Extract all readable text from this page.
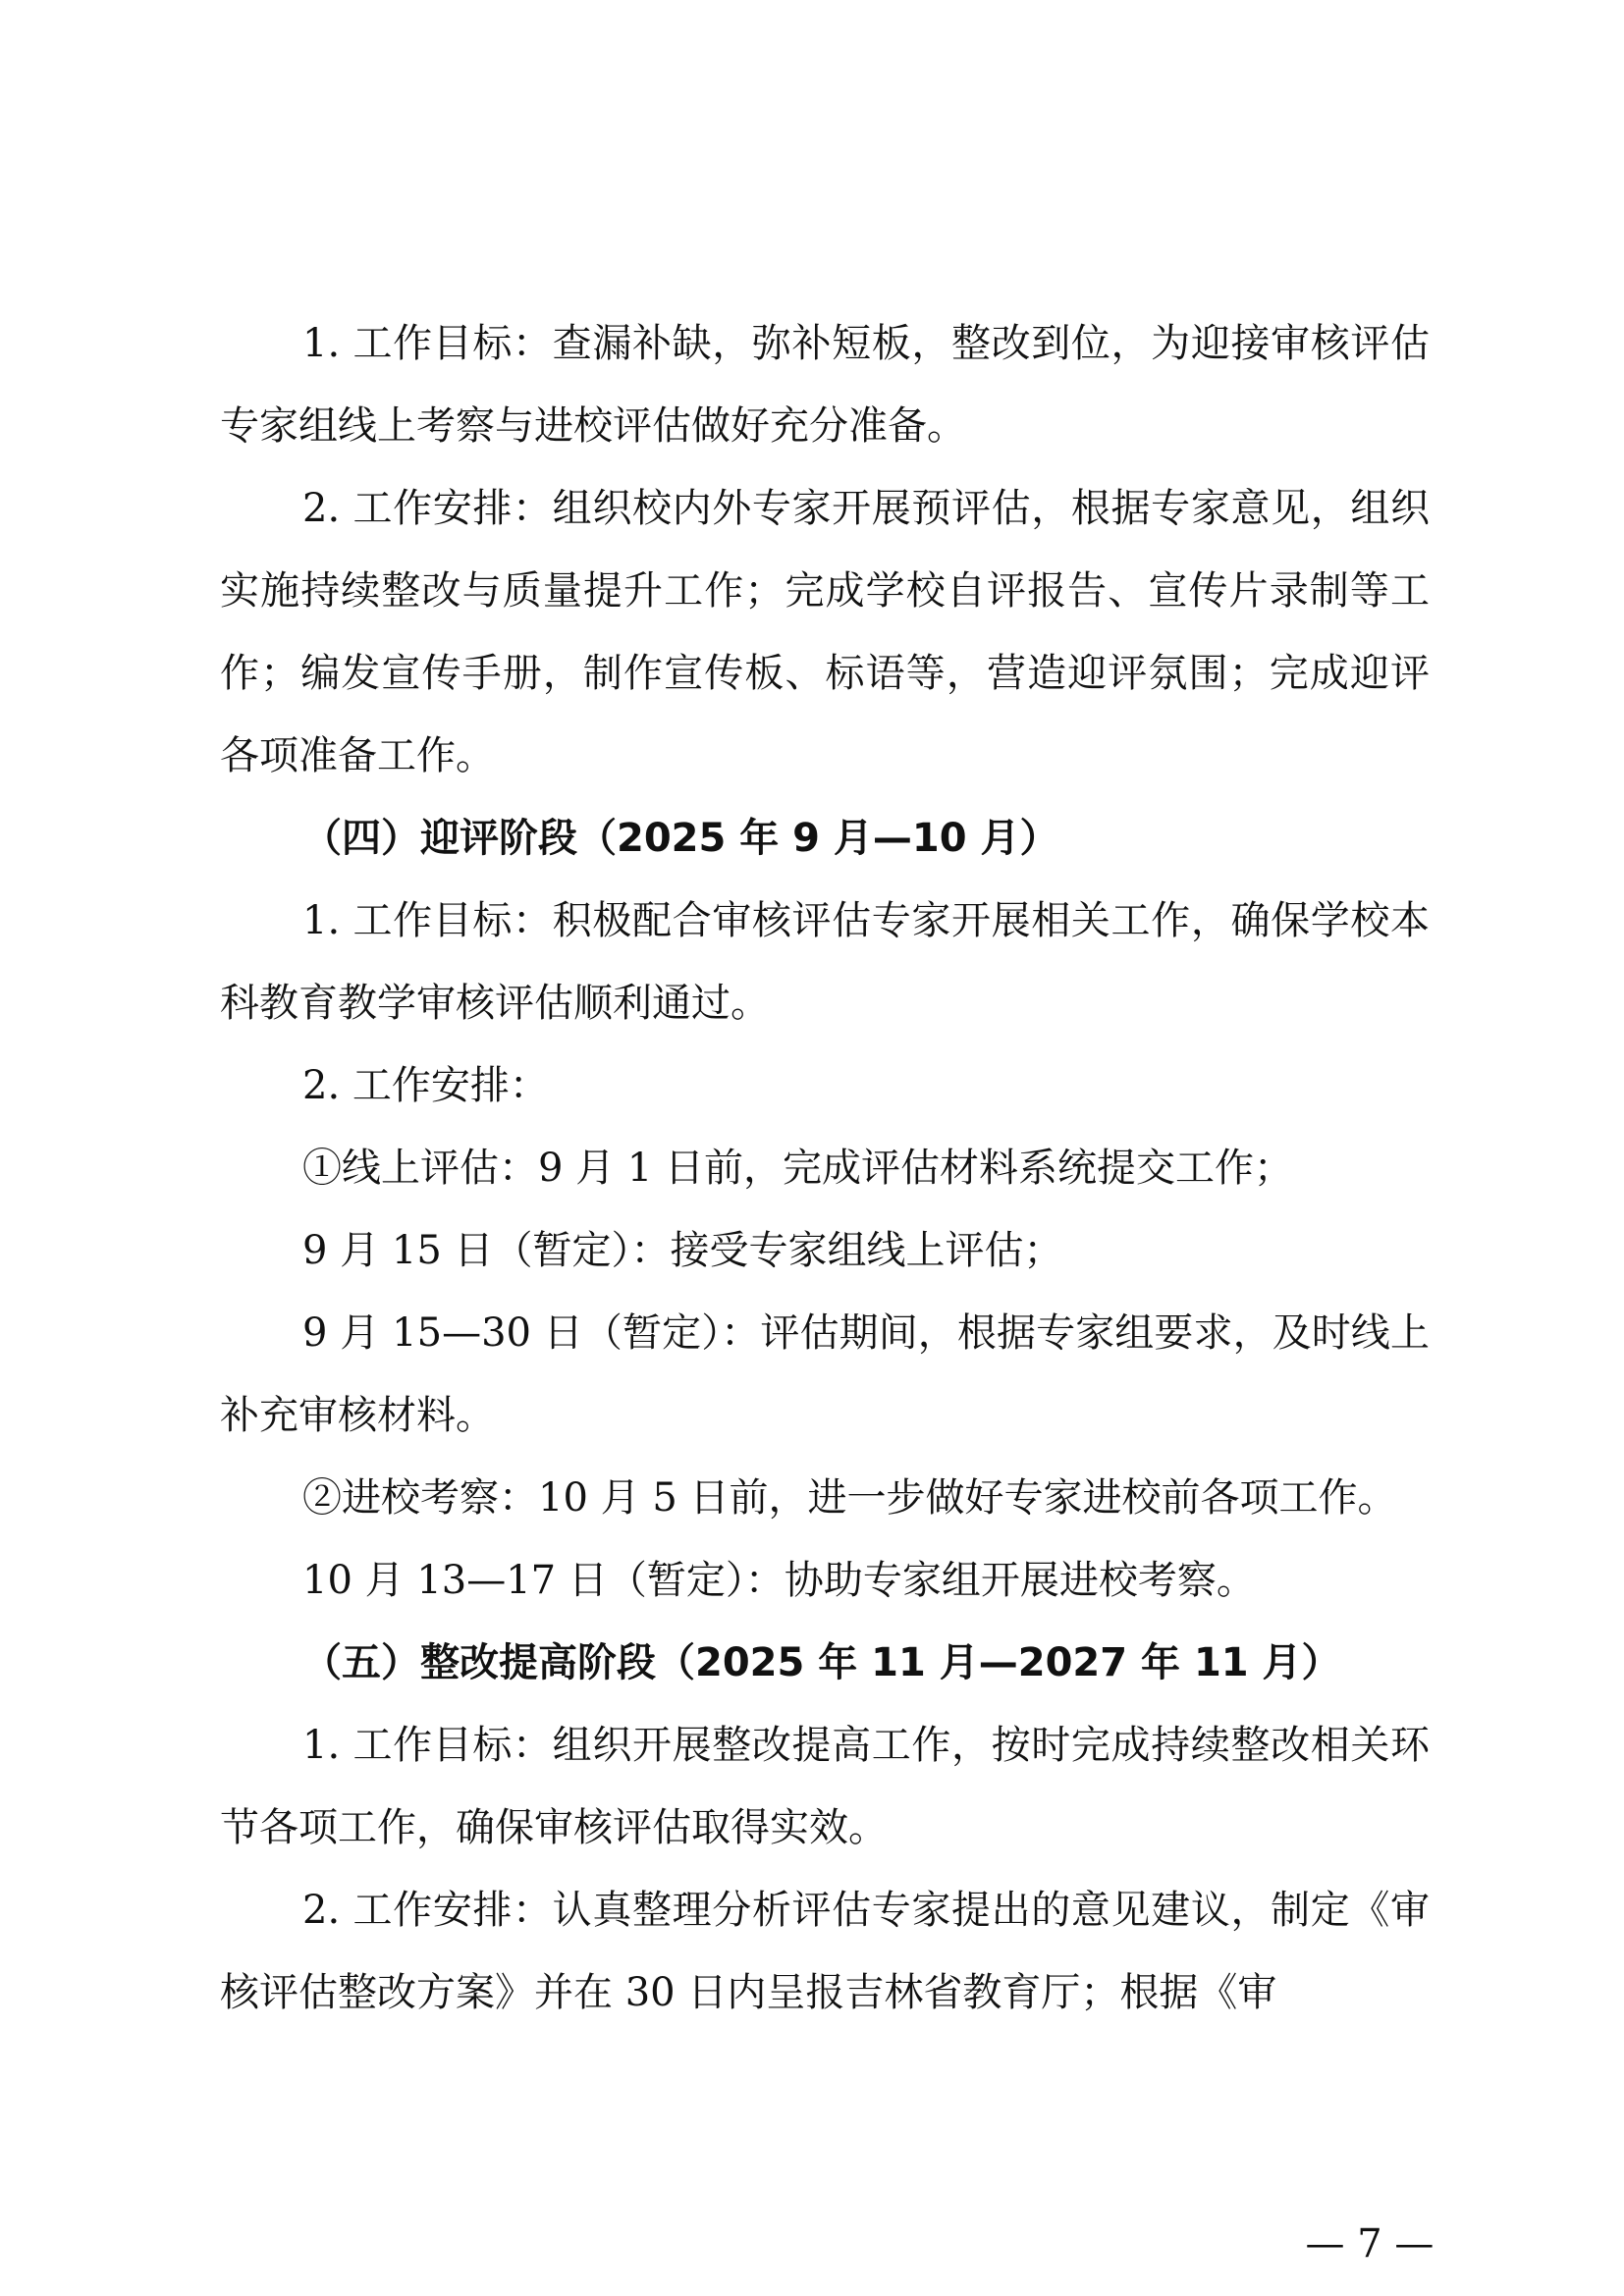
1. 工作目标：查漏补缺，弥补短板，整改到位，为迎接审核评估专家组线上考察与进校评估做好充分准备。

2. 工作安排：组织校内外专家开展预评估，根据专家意见，组织实施持续整改与质量提升工作；完成学校自评报告、宣传片录制等工作；编发宣传手册，制作宣传板、标语等，营造迎评氛围；完成迎评各项准备工作。

（四）迎评阶段（2025 年 9 月—10 月）

1. 工作目标：积极配合审核评估专家开展相关工作，确保学校本科教育教学审核评估顺利通过。

2. 工作安排：

①线上评估：9 月 1 日前，完成评估材料系统提交工作；

9 月 15 日（暂定）：接受专家组线上评估；

9 月 15—30 日（暂定）：评估期间，根据专家组要求，及时线上补充审核材料。

②进校考察：10 月 5 日前，进一步做好专家进校前各项工作。

10 月 13—17 日（暂定）：协助专家组开展进校考察。

（五）整改提高阶段（2025 年 11 月—2027 年 11 月）

1. 工作目标：组织开展整改提高工作，按时完成持续整改相关环节各项工作，确保审核评估取得实效。

2. 工作安排：认真整理分析评估专家提出的意见建议，制定《审核评估整改方案》并在 30 日内呈报吉林省教育厅；根据《审

— 7 —
